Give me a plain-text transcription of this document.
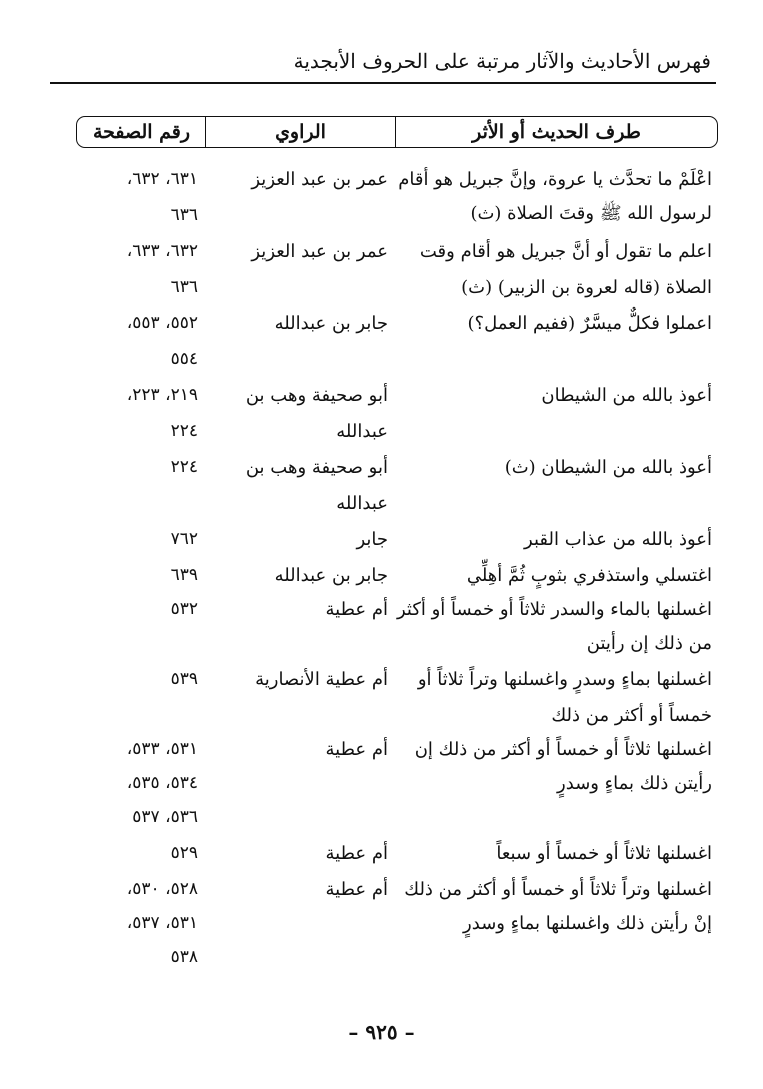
فهرس الأحاديث والآثار مرتبة على الحروف الأبجدية
طرف الحديث أو الأثر
الراوي
رقم الصفحة
اعْلَمْ ما تحدَّث يا عروة، وإنَّ جبريل هو أقام
عمر بن عبد العزيز
٦٣١، ٦٣٢،
لرسول الله ﷺ وقتَ الصلاة (ث)
٦٣٦
اعلم ما تقول أو أنَّ جبريل هو أقام وقت
عمر بن عبد العزيز
٦٣٢، ٦٣٣،
الصلاة (قاله لعروة بن الزبير) (ث)
٦٣٦
اعملوا فكلٌّ ميسَّرٌ (ففيم العمل؟)
جابر بن عبدالله
٥٥٢، ٥٥٣،
٥٥٤
أعوذ بالله من الشيطان
أبو صحيفة وهب بن
٢١٩، ٢٢٣،
عبدالله
٢٢٤
أعوذ بالله من الشيطان (ث)
أبو صحيفة وهب بن
٢٢٤
عبدالله
أعوذ بالله من عذاب القبر
جابر
٧٦٢
اغتسلي واستذفري بثوبٍ ثُمَّ أهِلِّي
جابر بن عبدالله
٦٣٩
اغسلنها بالماء والسدر ثلاثاً أو خمساً أو أكثر
أم عطية
٥٣٢
من ذلك إن رأيتن
اغسلنها بماءٍ وسدرٍ واغسلنها وتراً ثلاثاً أو
أم عطية الأنصارية
٥٣٩
خمساً أو أكثر من ذلك
اغسلنها ثلاثاً أو خمساً أو أكثر من ذلك إن
أم عطية
٥٣١، ٥٣٣،
رأيتن ذلك بماءٍ وسدرٍ
٥٣٤، ٥٣٥،
٥٣٦، ٥٣٧
اغسلنها ثلاثاً أو خمساً أو سبعاً
أم عطية
٥٢٩
اغسلنها وتراً ثلاثاً أو خمساً أو أكثر من ذلك
أم عطية
٥٢٨، ٥٣٠،
إنْ رأيتن ذلك واغسلنها بماءٍ وسدرٍ
٥٣١، ٥٣٧،
٥٣٨
– ٩٢٥ –
